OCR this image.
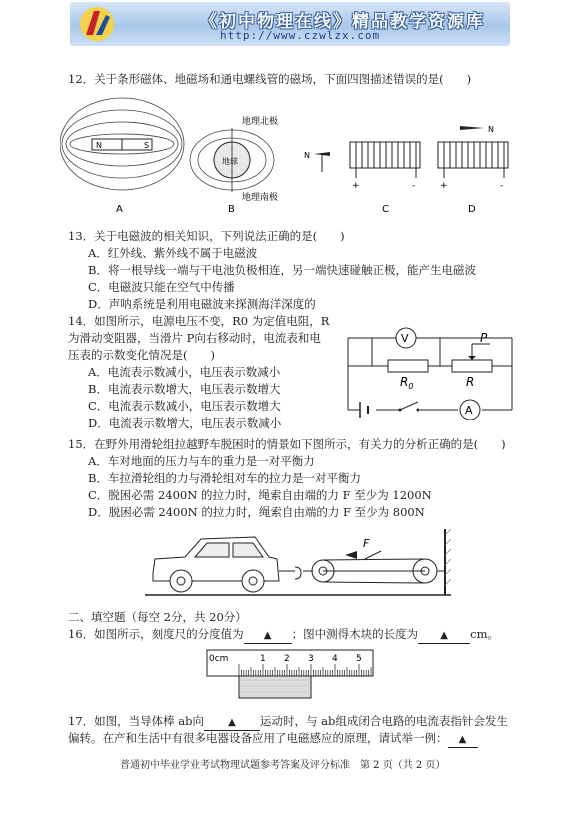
《初中物理在线》精品教学资源库
http://www.czwlzx.com
12．关于条形磁体、地磁场和通电螺线管的磁场，下面四图描述错误的是(　　)
N	S
A
地球
地理北极
地理南极
B
N
+	-
C
N
+	-
D
13．关于电磁波的相关知识，下列说法正确的是(　　)
A．红外线、紫外线不属于电磁波
B．将一根导线一端与干电池负极相连，另一端快速碰触正极，能产生电磁波
C．电磁波只能在空气中传播
D．声呐系统是利用电磁波来探测海洋深度的
14．如图所示，电源电压不变，R0 为定值电阻，R
为滑动变阻器，当滑片 P向右移动时，电流表和电
压表的示数变化情况是(　　)
A．电流表示数减小，电压表示数减小
B．电流表示数增大，电压表示数增大
C．电流表示数减小，电压表示数增大
D．电流表示数增大，电压表示数减小
V
A
P
R
$R_0$
15．在野外用滑轮组拉越野车脱困时的情景如下图所示，有关力的分析正确的是(　　)
A．车对地面的压力与车的重力是一对平衡力
B．车拉滑轮组的力与滑轮组对车的拉力是一对平衡力
C．脱困必需 2400N 的拉力时，绳索自由端的力 F 至少为 1200N
D．脱困必需 2400N 的拉力时，绳索自由端的力 F 至少为 800N
F
二、填空题（每空 2分，共 20分）
16．如图所示，刻度尺的分度值为 ▲ ；图中测得木块的长度为 ▲ cm。
0cm	1 2 3 4 5
17．如图，当导体棒 ab向 ▲ 运动时，与 ab组成闭合电路的电流表指针会发生
偏转。在产和生活中有很多电器设备应用了电磁感应的原理，请试举一例： ▲
普通初中毕业学业考试物理试题参考答案及评分标准　第 2 页（共 2 页）
